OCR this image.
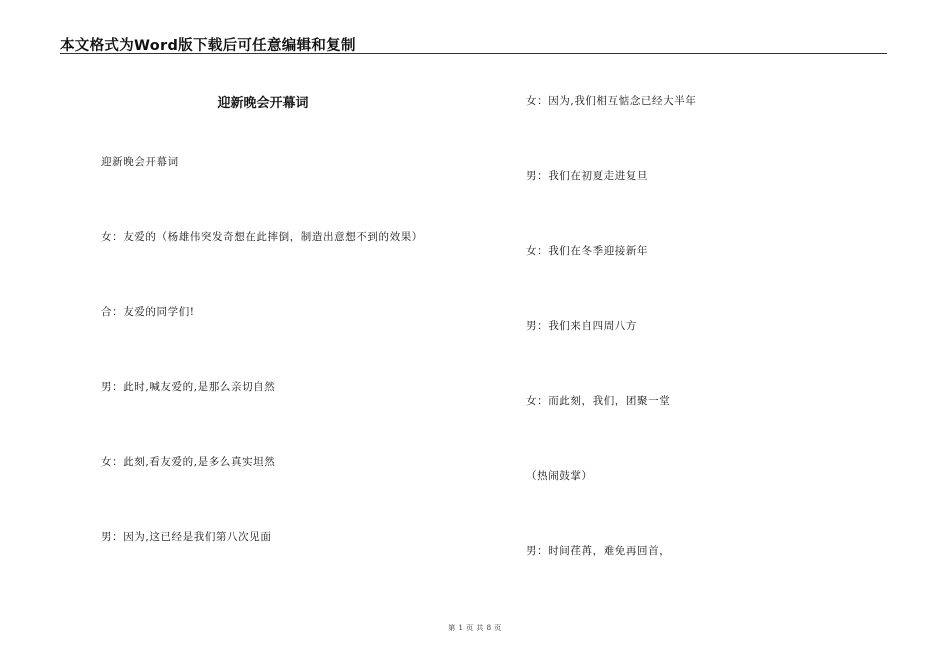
本文格式为Word版下载后可任意编辑和复制
迎新晚会开幕词
迎新晚会开幕词
女：友爱的（杨雄伟突发奇想在此摔倒，制造出意想不到的效果）
合：友爱的同学们!
男：此时,喊友爱的,是那么亲切自然
女：此刻,看友爱的,是多么真实坦然
男：因为,这已经是我们第八次见面
女：因为,我们相互惦念已经大半年
男：我们在初夏走进复旦
女：我们在冬季迎接新年
男：我们来自四周八方
女：而此刻，我们，团聚一堂
（热闹鼓掌）
男：时间荏苒，难免再回首，
第 1 页 共 8 页
